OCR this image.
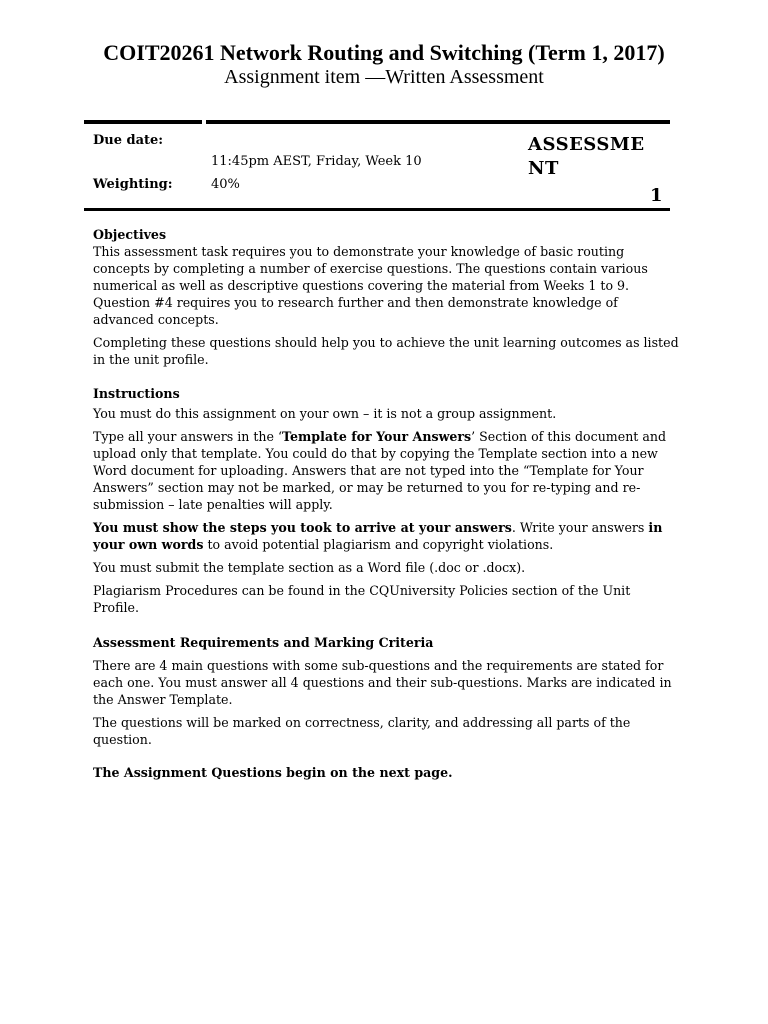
COIT20261 Network Routing and Switching (Term 1, 2017)
Assignment item —Written Assessment
Due date:
11:45pm AEST, Friday, Week 10
Weighting:	40%
ASSESSMENT
1
Objectives

This assessment task requires you to demonstrate your knowledge of basic routing concepts by completing a number of exercise questions. The questions contain various numerical as well as descriptive questions covering the material from Weeks 1 to 9. Question #4 requires you to research further and then demonstrate knowledge of advanced concepts.

Completing these questions should help you to achieve the unit learning outcomes as listed in the unit profile.

Instructions

You must do this assignment on your own – it is not a group assignment.

Type all your answers in the ‘Template for Your Answers’ Section of this document and upload only that template. You could do that by copying the Template section into a new Word document for uploading. Answers that are not typed into the “Template for Your Answers” section may not be marked, or may be returned to you for re-typing and re-submission – late penalties will apply.

You must show the steps you took to arrive at your answers. Write your answers in your own words to avoid potential plagiarism and copyright violations.

You must submit the template section as a Word file (.doc or .docx).

Plagiarism Procedures can be found in the CQUniversity Policies section of the Unit Profile.

Assessment Requirements and Marking Criteria

There are 4 main questions with some sub-questions and the requirements are stated for each one. You must answer all 4 questions and their sub-questions. Marks are indicated in the Answer Template.

The questions will be marked on correctness, clarity, and addressing all parts of the question.

The Assignment Questions begin on the next page.
